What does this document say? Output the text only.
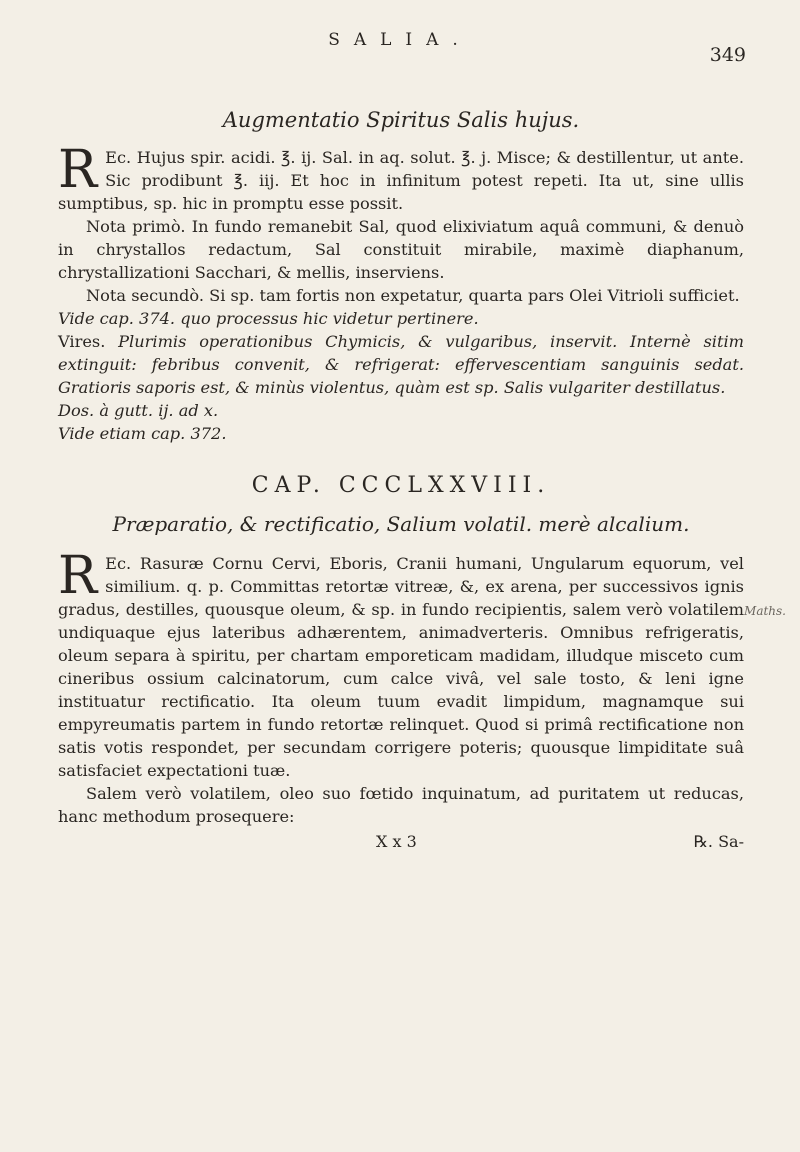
SALIA.
349
Augmentatio Spiritus Salis hujus.

R Ec. Hujus spir. acidi. ℥. ij. Sal. in aq. solut. ℥. j. Misce; & destillentur, ut ante. Sic prodibunt ℥. iij. Et hoc in infinitum potest repeti. Ita ut, sine ullis sumptibus, sp. hic in promptu esse possit.

Nota primò. In fundo remanebit Sal, quod elixiviatum aquâ communi, & denuò in chrystallos redactum, Sal constituit mirabile, maximè diaphanum, chrystallizationi Sacchari, & mellis, inserviens.

Nota secundò. Si sp. tam fortis non expetatur, quarta pars Olei Vitrioli sufficiet.

Vide cap. 374. quo processus hic videtur pertinere.

Vires. Plurimis operationibus Chymicis, & vulgaribus, inservit. Internè sitim extinguit: febribus convenit, & refrigerat: effervescentiam sanguinis sedat. Gratioris saporis est, & minùs violentus, quàm est sp. Salis vulgariter destillatus.

Dos. à gutt. ij. ad x.

Vide etiam cap. 372.

CAP. CCCLXXVIII.
Præparatio, & rectificatio, Salium volatil. merè alcalium.
Maths.

R Ec. Rasuræ Cornu Cervi, Eboris, Cranii humani, Ungularum equorum, vel similium. q. p. Committas retortæ vitreæ, &, ex arena, per successivos ignis gradus, destilles, quousque oleum, & sp. in fundo recipientis, salem verò volatilem undiquaque ejus lateribus adhærentem, animadverteris. Omnibus refrigeratis, oleum separa à spiritu, per chartam emporeticam madidam, illudque misceto cum cineribus ossium calcinatorum, cum calce vivâ, vel sale tosto, & leni igne instituatur rectificatio. Ita oleum tuum evadit limpidum, magnamque sui empyreumatis partem in fundo retortæ relinquet. Quod si primâ rectificatione non satis votis respondet, per secundam corrigere poteris; quousque limpiditate suâ satisfaciet expectationi tuæ.

Salem verò volatilem, oleo suo fœtido inquinatum, ad puritatem ut reducas, hanc methodum prosequere:

X x 3	℞. Sa-
